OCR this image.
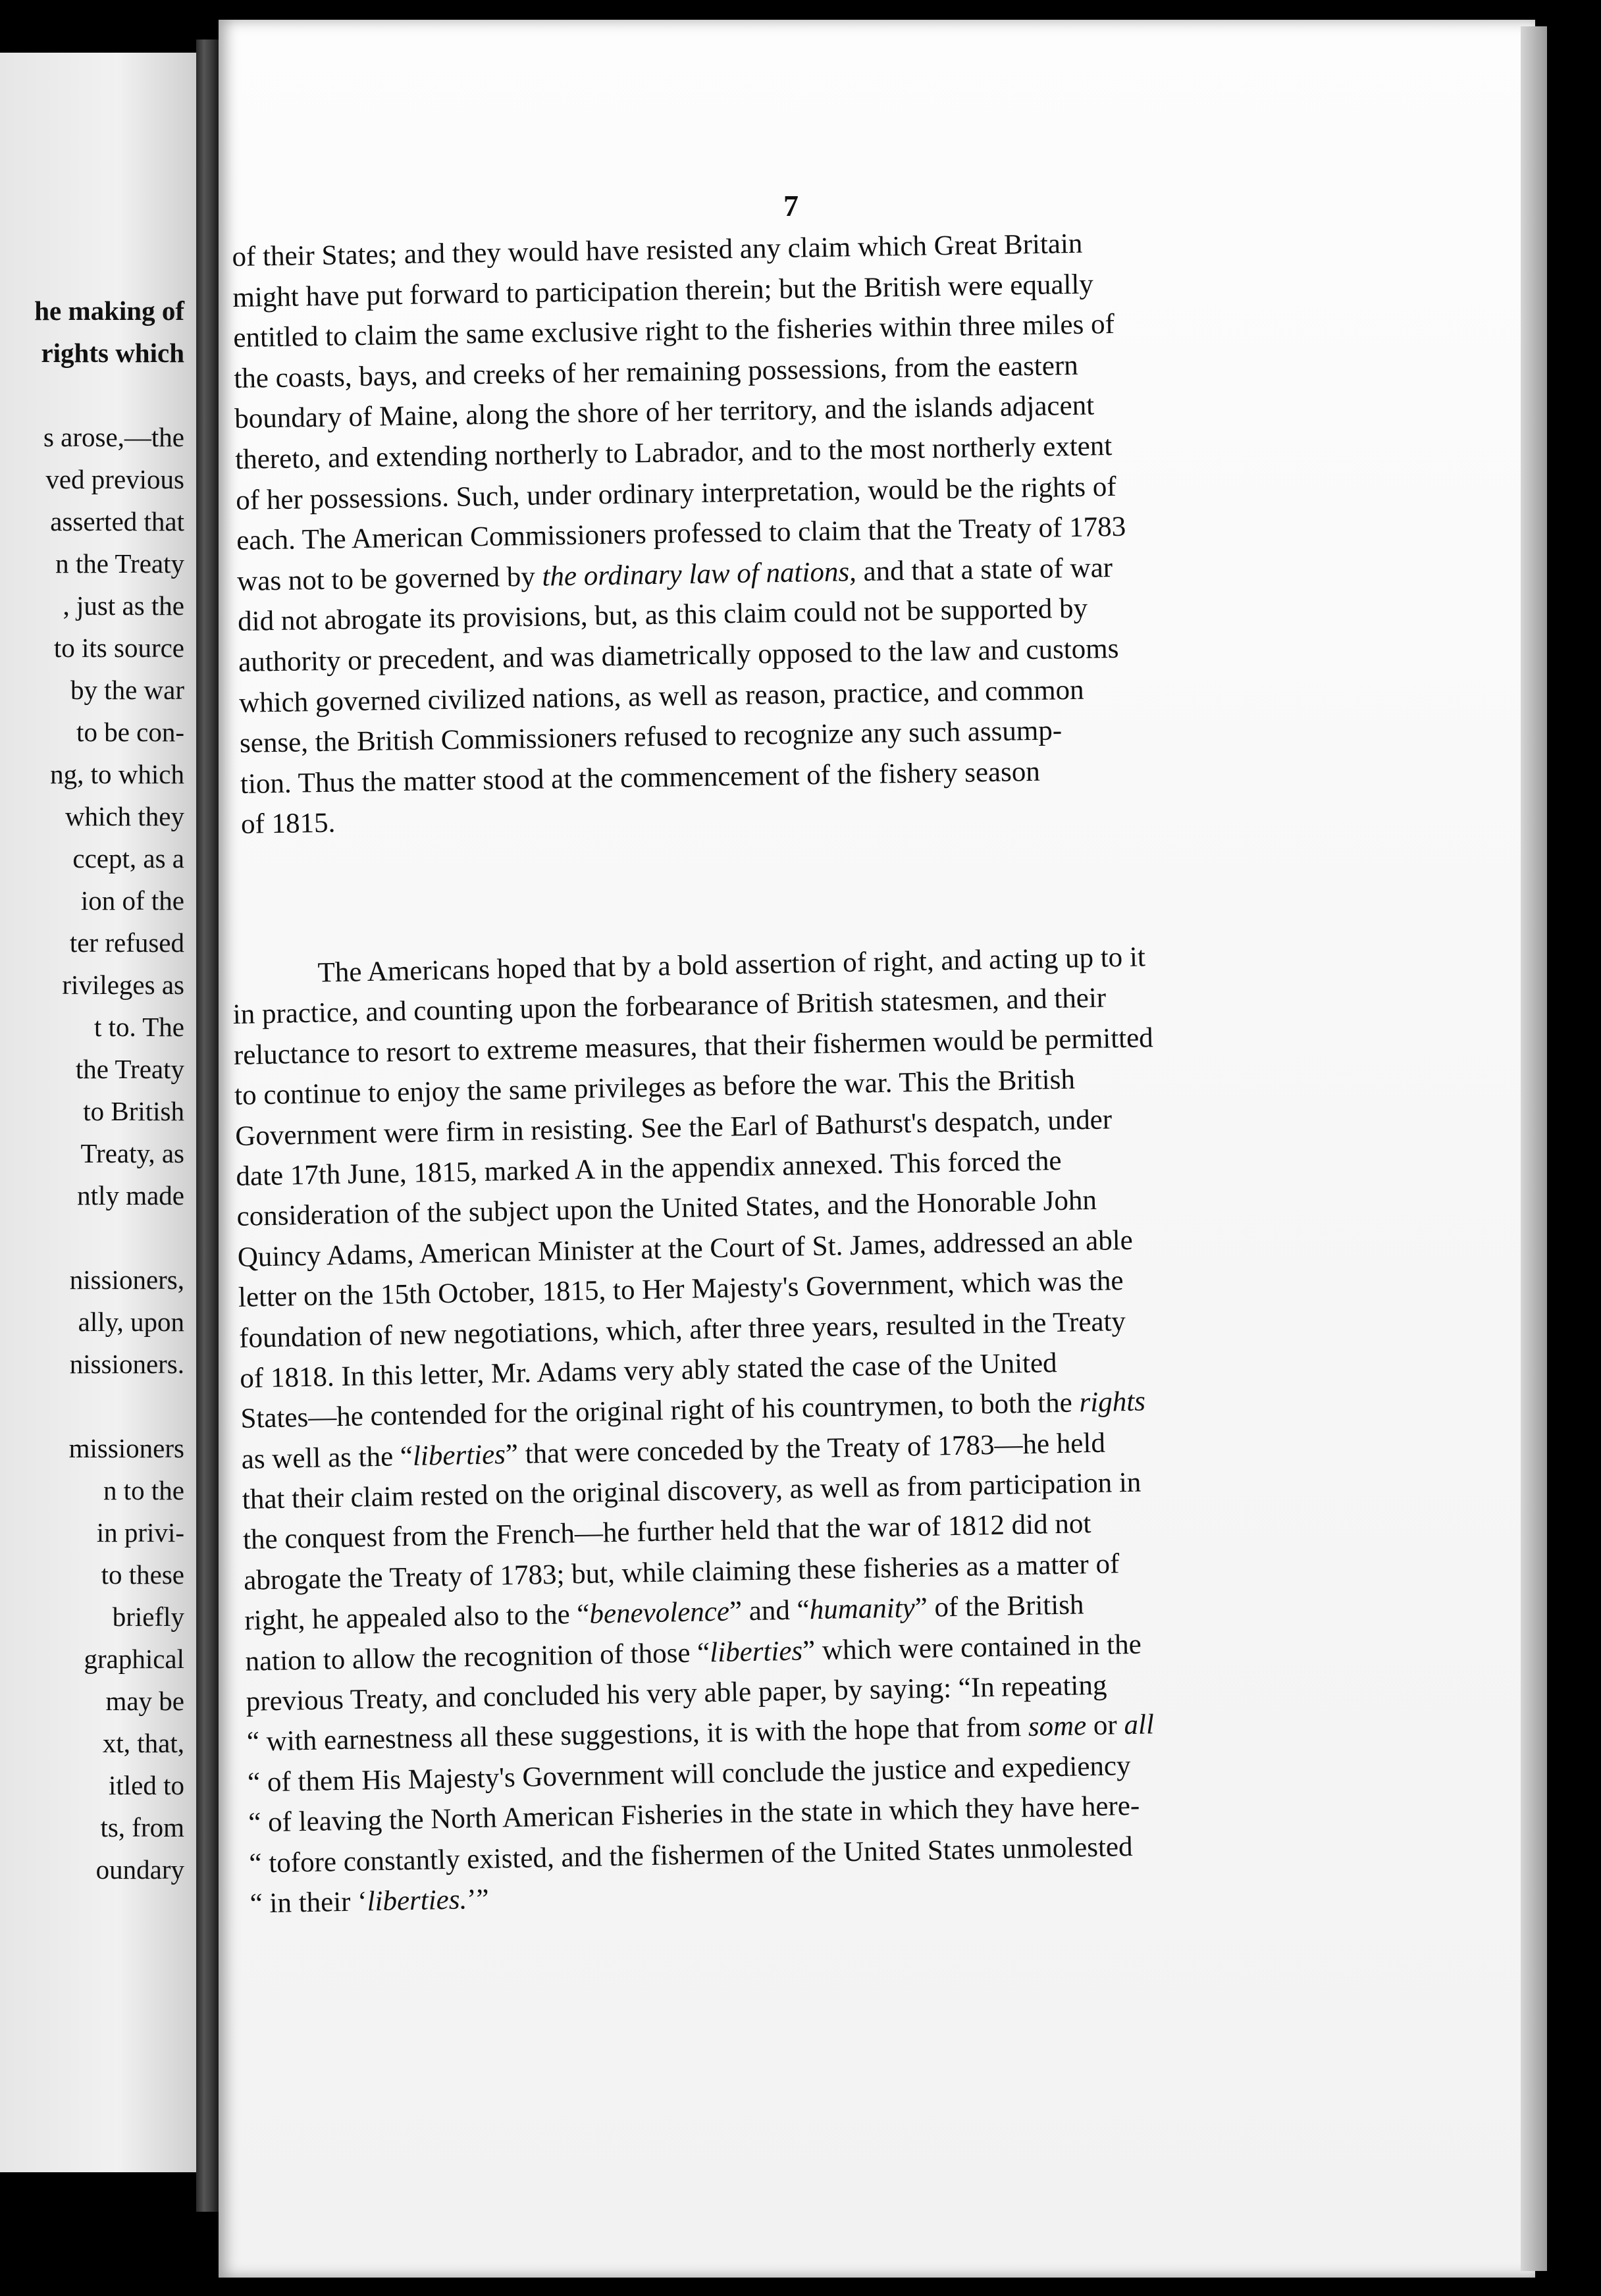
he making of
rights which
s arose,—the
ved previous
asserted that
n the Treaty
, just as the
to its source
by the war
to be con-
ng, to which
which they
ccept, as a
ion of the
ter refused
rivileges as
t to. The
the Treaty
to British
Treaty, as
ntly made
nissioners,
ally, upon
nissioners.
missioners
n to the
in privi-
to these
briefly
graphical
may be
xt, that,
itled to
ts, from
oundary
7
of their States; and they would have resisted any claim which Great Britain
might have put forward to participation therein; but the British were equally
entitled to claim the same exclusive right to the fisheries within three miles of
the coasts, bays, and creeks of her remaining possessions, from the eastern
boundary of Maine, along the shore of her territory, and the islands adjacent
thereto, and extending northerly to Labrador, and to the most northerly extent
of her possessions. Such, under ordinary interpretation, would be the rights of
each. The American Commissioners professed to claim that the Treaty of 1783
was not to be governed by the ordinary law of nations, and that a state of war
did not abrogate its provisions, but, as this claim could not be supported by
authority or precedent, and was diametrically opposed to the law and customs
which governed civilized nations, as well as reason, practice, and common
sense, the British Commissioners refused to recognize any such assump-
tion. Thus the matter stood at the commencement of the fishery season
of 1815.
The Americans hoped that by a bold assertion of right, and acting up to it
in practice, and counting upon the forbearance of British statesmen, and their
reluctance to resort to extreme measures, that their fishermen would be permitted
to continue to enjoy the same privileges as before the war. This the British
Government were firm in resisting. See the Earl of Bathurst's despatch, under
date 17th June, 1815, marked A in the appendix annexed. This forced the
consideration of the subject upon the United States, and the Honorable John
Quincy Adams, American Minister at the Court of St. James, addressed an able
letter on the 15th October, 1815, to Her Majesty's Government, which was the
foundation of new negotiations, which, after three years, resulted in the Treaty
of 1818. In this letter, Mr. Adams very ably stated the case of the United
States—he contended for the original right of his countrymen, to both the rights
as well as the “liberties” that were conceded by the Treaty of 1783—he held
that their claim rested on the original discovery, as well as from participation in
the conquest from the French—he further held that the war of 1812 did not
abrogate the Treaty of 1783; but, while claiming these fisheries as a matter of
right, he appealed also to the “benevolence” and “humanity” of the British
nation to allow the recognition of those “liberties” which were contained in the
previous Treaty, and concluded his very able paper, by saying: “In repeating
“ with earnestness all these suggestions, it is with the hope that from some or all
“ of them His Majesty's Government will conclude the justice and expediency
“ of leaving the North American Fisheries in the state in which they have here-
“ tofore constantly existed, and the fishermen of the United States unmolested
“ in their ‘liberties.’”
